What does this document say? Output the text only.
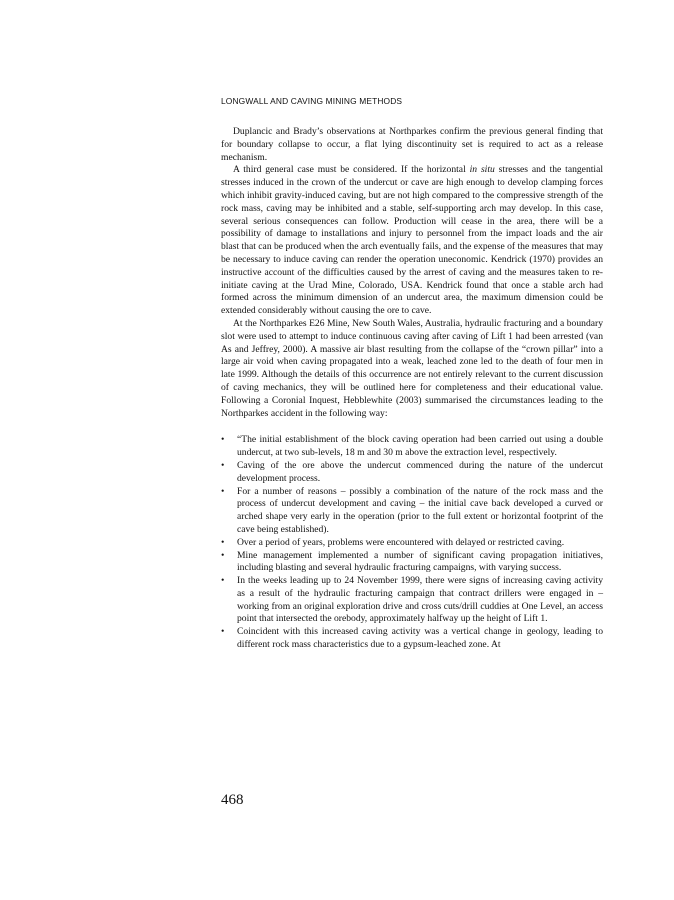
LONGWALL AND CAVING MINING METHODS

Duplancic and Brady’s observations at Northparkes confirm the previous general finding that for boundary collapse to occur, a flat lying discontinuity set is required to act as a release mechanism.

A third general case must be considered. If the horizontal in situ stresses and the tangential stresses induced in the crown of the undercut or cave are high enough to develop clamping forces which inhibit gravity-induced caving, but are not high compared to the compressive strength of the rock mass, caving may be inhibited and a stable, self-supporting arch may develop. In this case, several serious consequences can follow. Production will cease in the area, there will be a possibility of damage to installations and injury to personnel from the impact loads and the air blast that can be produced when the arch eventually fails, and the expense of the measures that may be necessary to induce caving can render the operation uneconomic. Kendrick (1970) provides an instructive account of the difficulties caused by the arrest of caving and the measures taken to re-initiate caving at the Urad Mine, Colorado, USA. Kendrick found that once a stable arch had formed across the minimum dimension of an undercut area, the maximum dimension could be extended considerably without causing the ore to cave.

At the Northparkes E26 Mine, New South Wales, Australia, hydraulic fracturing and a boundary slot were used to attempt to induce continuous caving after caving of Lift 1 had been arrested (van As and Jeffrey, 2000). A massive air blast resulting from the collapse of the “crown pillar” into a large air void when caving propagated into a weak, leached zone led to the death of four men in late 1999. Although the details of this occurrence are not entirely relevant to the current discussion of caving mechanics, they will be outlined here for completeness and their educational value. Following a Coronial Inquest, Hebblewhite (2003) summarised the circumstances leading to the Northparkes accident in the following way:

• “The initial establishment of the block caving operation had been carried out using a double undercut, at two sub-levels, 18 m and 30 m above the extraction level, respectively.
• Caving of the ore above the undercut commenced during the nature of the undercut development process.
• For a number of reasons – possibly a combination of the nature of the rock mass and the process of undercut development and caving – the initial cave back developed a curved or arched shape very early in the operation (prior to the full extent or horizontal footprint of the cave being established).
• Over a period of years, problems were encountered with delayed or restricted caving.
• Mine management implemented a number of significant caving propagation initiatives, including blasting and several hydraulic fracturing campaigns, with varying success.
• In the weeks leading up to 24 November 1999, there were signs of increasing caving activity as a result of the hydraulic fracturing campaign that contract drillers were engaged in – working from an original exploration drive and cross cuts/drill cuddies at One Level, an access point that intersected the orebody, approximately halfway up the height of Lift 1.
• Coincident with this increased caving activity was a vertical change in geology, leading to different rock mass characteristics due to a gypsum-leached zone. At
468
